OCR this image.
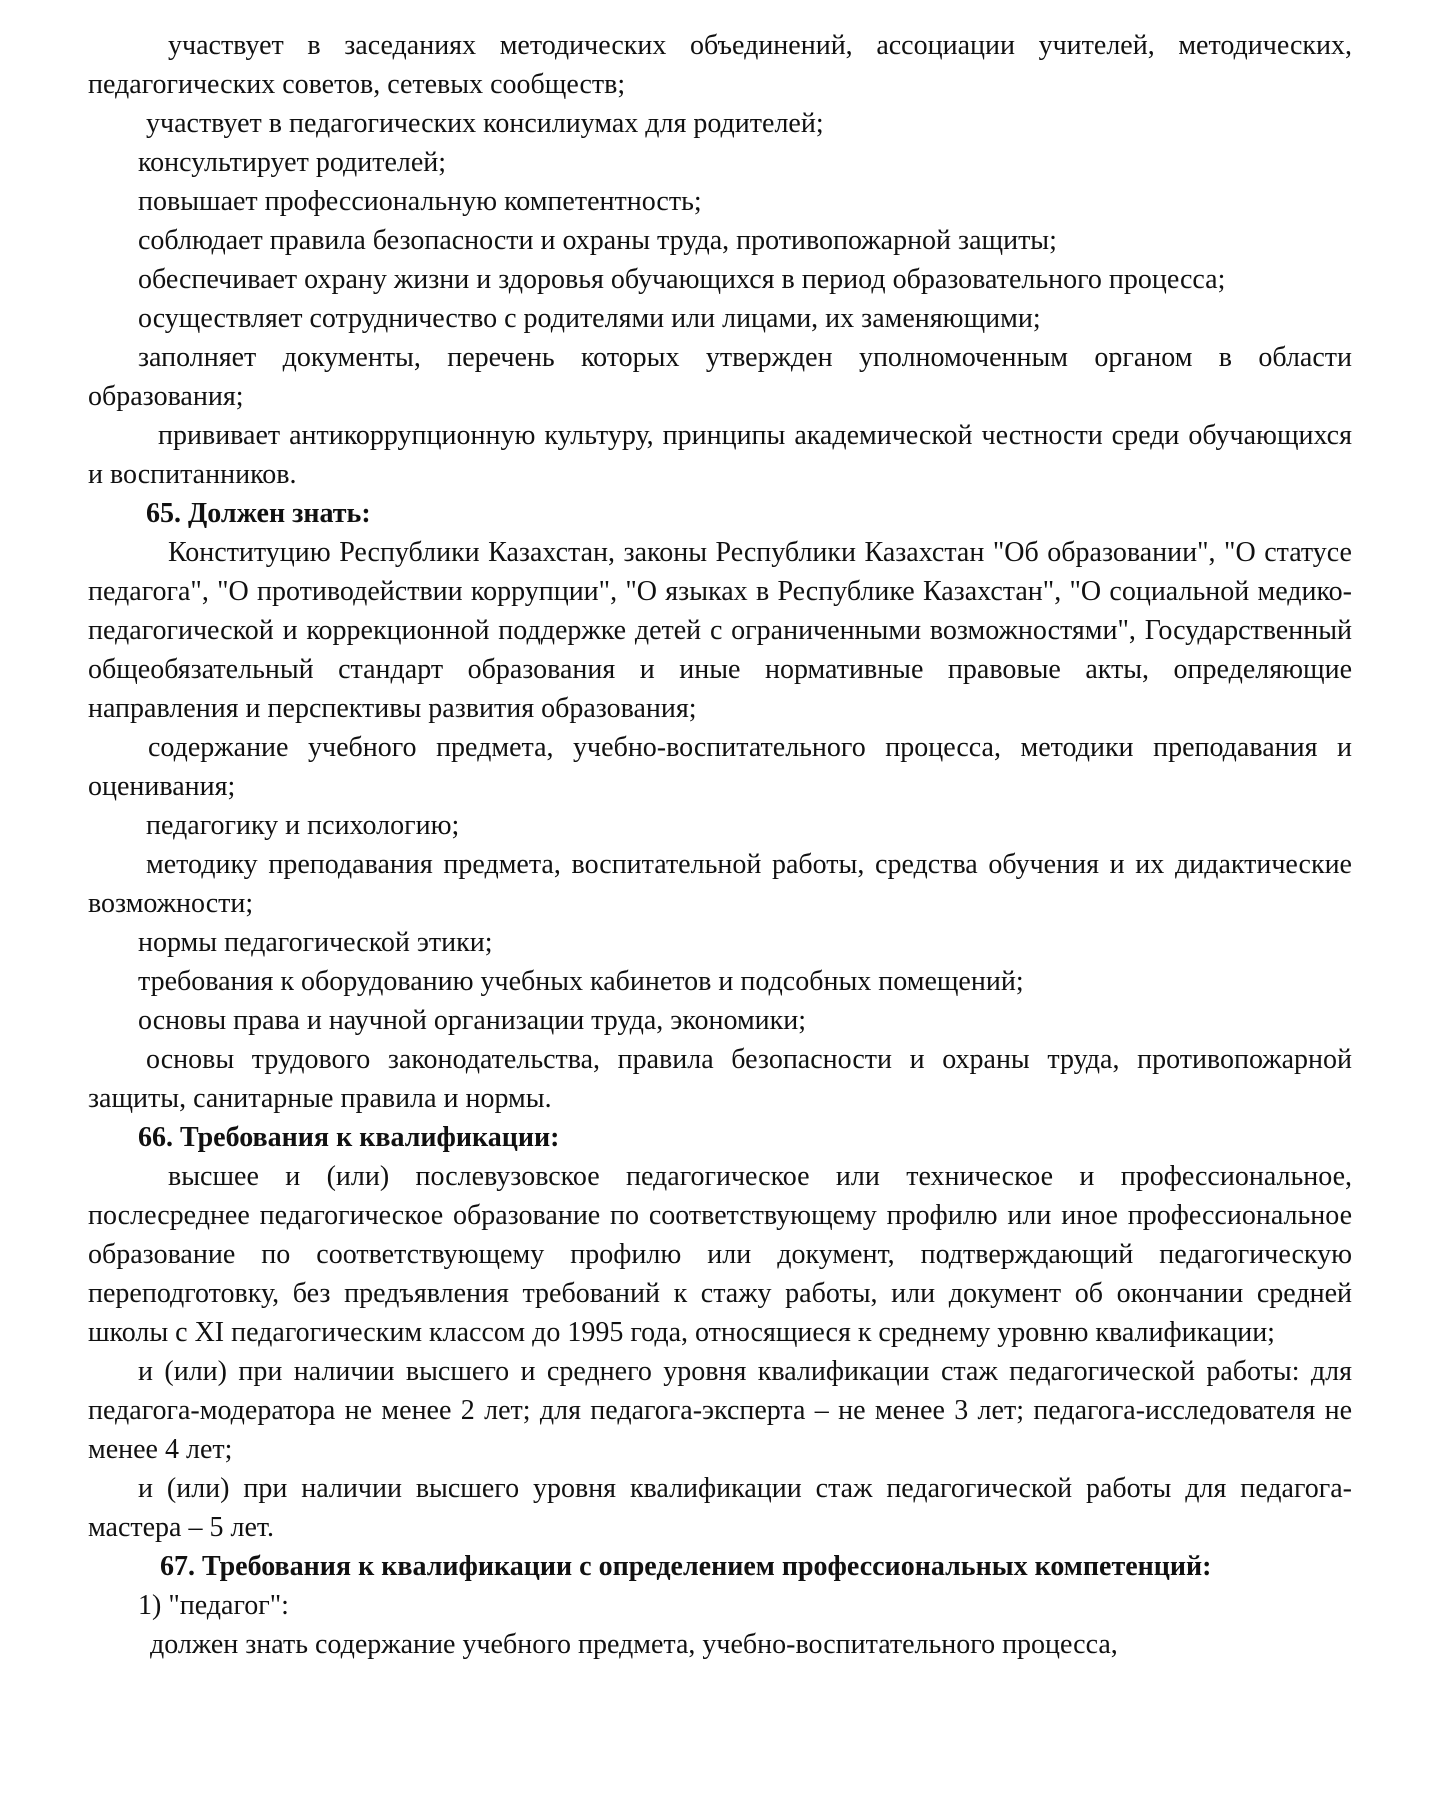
участвует в заседаниях методических объединений, ассоциации учителей, методических, педагогических советов, сетевых сообществ;

участвует в педагогических консилиумах для родителей;

консультирует родителей;

повышает профессиональную компетентность;

соблюдает правила безопасности и охраны труда, противопожарной защиты;

обеспечивает охрану жизни и здоровья обучающихся в период образовательного процесса;

осуществляет сотрудничество с родителями или лицами, их заменяющими;

заполняет документы, перечень которых утвержден уполномоченным органом в области образования;

прививает антикоррупционную культуру, принципы академической честности среди обучающихся и воспитанников.

65. Должен знать:

Конституцию Республики Казахстан, законы Республики Казахстан "Об образовании", "О статусе педагога", "О противодействии коррупции", "О языках в Республике Казахстан", "О социальной медико-педагогической и коррекционной поддержке детей с ограниченными возможностями", Государственный общеобязательный стандарт образования и иные нормативные правовые акты, определяющие направления и перспективы развития образования;

содержание учебного предмета, учебно-воспитательного процесса, методики преподавания и оценивания;

педагогику и психологию;

методику преподавания предмета, воспитательной работы, средства обучения и их дидактические возможности;

нормы педагогической этики;

требования к оборудованию учебных кабинетов и подсобных помещений;

основы права и научной организации труда, экономики;

основы трудового законодательства, правила безопасности и охраны труда, противопожарной защиты, санитарные правила и нормы.

66. Требования к квалификации:

высшее и (или) послевузовское педагогическое или техническое и профессиональное, послесреднее педагогическое образование по соответствующему профилю или иное профессиональное образование по соответствующему профилю или документ, подтверждающий педагогическую переподготовку, без предъявления требований к стажу работы, или документ об окончании средней школы с XI педагогическим классом до 1995 года, относящиеся к среднему уровню квалификации;

и (или) при наличии высшего и среднего уровня квалификации стаж педагогической работы: для педагога-модератора не менее 2 лет; для педагога-эксперта – не менее 3 лет; педагога-исследователя не менее 4 лет;

и (или) при наличии высшего уровня квалификации стаж педагогической работы для педагога-мастера – 5 лет.

67. Требования к квалификации с определением профессиональных компетенций:

1) "педагог":

должен знать содержание учебного предмета, учебно-воспитательного процесса,
